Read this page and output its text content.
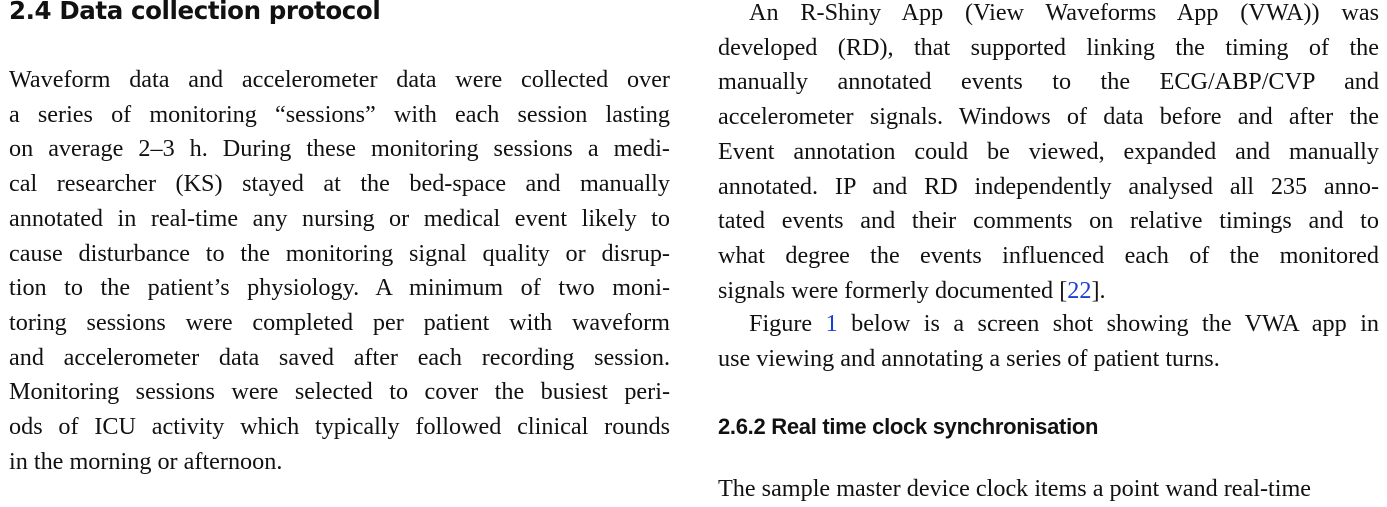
2.4 Data collection protocol

Waveform data and accelerometer data were collected over
a series of monitoring “sessions” with each session lasting
on average 2–3 h. During these monitoring sessions a medi-
cal researcher (KS) stayed at the bed-space and manually
annotated in real-time any nursing or medical event likely to
cause disturbance to the monitoring signal quality or disrup-
tion to the patient’s physiology. A minimum of two moni-
toring sessions were completed per patient with waveform
and accelerometer data saved after each recording session.
Monitoring sessions were selected to cover the busiest peri-
ods of ICU activity which typically followed clinical rounds
in the morning or afternoon.

An R-Shiny App (View Waveforms App (VWA)) was
developed (RD), that supported linking the timing of the
manually annotated events to the ECG/ABP/CVP and
accelerometer signals. Windows of data before and after the
Event annotation could be viewed, expanded and manually
annotated. IP and RD independently analysed all 235 anno-
tated events and their comments on relative timings and to
what degree the events influenced each of the monitored
signals were formerly documented [22].

Figure 1 below is a screen shot showing the VWA app in
use viewing and annotating a series of patient turns.

2.6.2 Real time clock synchronisation

The sample master device clock items a point wand real-time
